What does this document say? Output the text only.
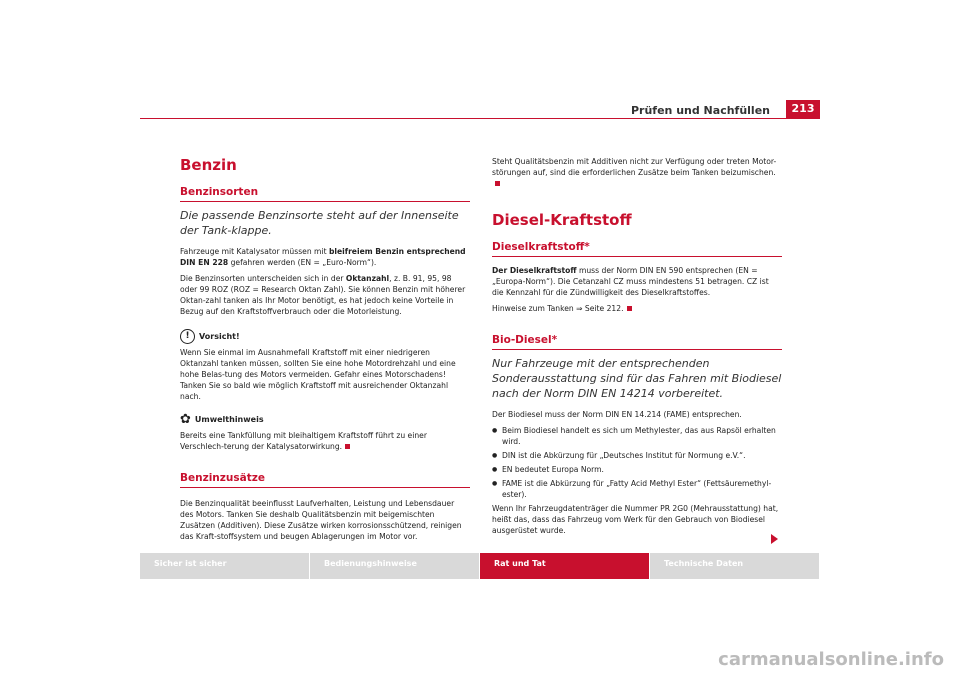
Prüfen und Nachfüllen	213
Benzin
Benzinsorten

Die passende Benzinsorte steht auf der Innenseite der Tank-klappe.

Fahrzeuge mit Katalysator müssen mit bleifreiem Benzin entsprechend DIN EN 228 gefahren werden (EN = „Euro-Norm“).

Die Benzinsorten unterscheiden sich in der Oktanzahl, z. B. 91, 95, 98 oder 99 ROZ (ROZ = Research Oktan Zahl). Sie können Benzin mit höherer Oktan-zahl tanken als Ihr Motor benötigt, es hat jedoch keine Vorteile in Bezug auf den Kraftstoffverbrauch oder die Motorleistung.

!	Vorsicht!

Wenn Sie einmal im Ausnahmefall Kraftstoff mit einer niedrigeren Oktanzahl tanken müssen, sollten Sie eine hohe Motordrehzahl und eine hohe Belas-tung des Motors vermeiden. Gefahr eines Motorschadens! Tanken Sie so bald wie möglich Kraftstoff mit ausreichender Oktanzahl nach.

✿ Umwelthinweis

Bereits eine Tankfüllung mit bleihaltigem Kraftstoff führt zu einer Verschlech-terung der Katalysatorwirkung.

Benzinzusätze

Die Benzinqualität beeinflusst Laufverhalten, Leistung und Lebensdauer des Motors. Tanken Sie deshalb Qualitätsbenzin mit beigemischten Zusätzen (Additiven). Diese Zusätze wirken korrosionsschützend, reinigen das Kraft-stoffsystem und beugen Ablagerungen im Motor vor.

Steht Qualitätsbenzin mit Additiven nicht zur Verfügung oder treten Motor-störungen auf, sind die erforderlichen Zusätze beim Tanken beizumischen.

Diesel-Kraftstoff
Dieselkraftstoff*

Der Dieselkraftstoff muss der Norm DIN EN 590 entsprechen (EN = „Europa-Norm“). Die Cetanzahl CZ muss mindestens 51 betragen. CZ ist die Kennzahl für die Zündwilligkeit des Dieselkraftstoffes.

Hinweise zum Tanken ⇒ Seite 212.

Bio-Diesel*

Nur Fahrzeuge mit der entsprechenden Sonderausstattung sind für das Fahren mit Biodiesel nach der Norm DIN EN 14214 vorbereitet.

Der Biodiesel muss der Norm DIN EN 14.214 (FAME) entsprechen.

● Beim Biodiesel handelt es sich um Methylester, das aus Rapsöl erhalten wird.

● DIN ist die Abkürzung für „Deutsches Institut für Normung e.V.“.

● EN bedeutet Europa Norm.

● FAME ist die Abkürzung für „Fatty Acid Methyl Ester“ (Fettsäuremethyl-ester).

Wenn Ihr Fahrzeugdatenträger die Nummer PR 2G0 (Mehrausstattung) hat, heißt das, dass das Fahrzeug vom Werk für den Gebrauch von Biodiesel ausgerüstet wurde.

Sicher ist sicher	Bedienungshinweise	Rat und Tat	Technische Daten
carmanualsonline.info
